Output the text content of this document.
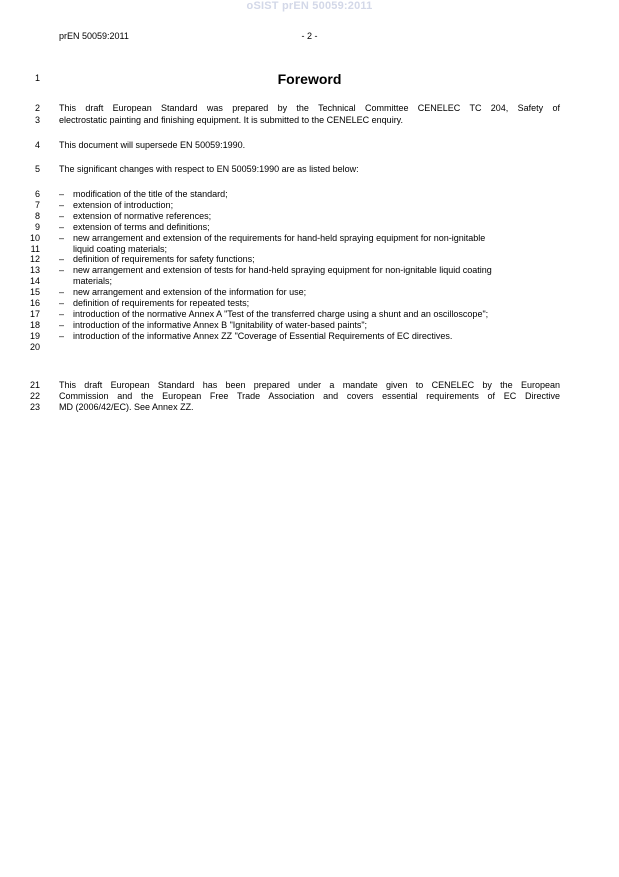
oSIST prEN 50059:2011
prEN 50059:2011	- 2 -
1	Foreword
2 This draft European Standard was prepared by the Technical Committee CENELEC TC 204, Safety of
3 electrostatic painting and finishing equipment. It is submitted to the CENELEC enquiry.
4 This document will supersede EN 50059:1990.
5 The significant changes with respect to EN 50059:1990 are as listed below:
6 – modification of the title of the standard;
7 – extension of introduction;
8 – extension of normative references;
9 – extension of terms and definitions;
10 – new arrangement and extension of the requirements for hand-held spraying equipment for non-ignitable
11	liquid coating materials;
12 – definition of requirements for safety functions;
13 – new arrangement and extension of tests for hand-held spraying equipment for non-ignitable liquid coating
14	materials;
15 – new arrangement and extension of the information for use;
16 – definition of requirements for repeated tests;
17 – introduction of the normative Annex A "Test of the transferred charge using a shunt and an oscilloscope";
18 – introduction of the informative Annex B "Ignitability of water-based paints";
19 – introduction of the informative Annex ZZ "Coverage of Essential Requirements of EC directives.
20
21 This draft European Standard has been prepared under a mandate given to CENELEC by the European
22 Commission and the European Free Trade Association and covers essential requirements of EC Directive
23 MD (2006/42/EC). See Annex ZZ.
